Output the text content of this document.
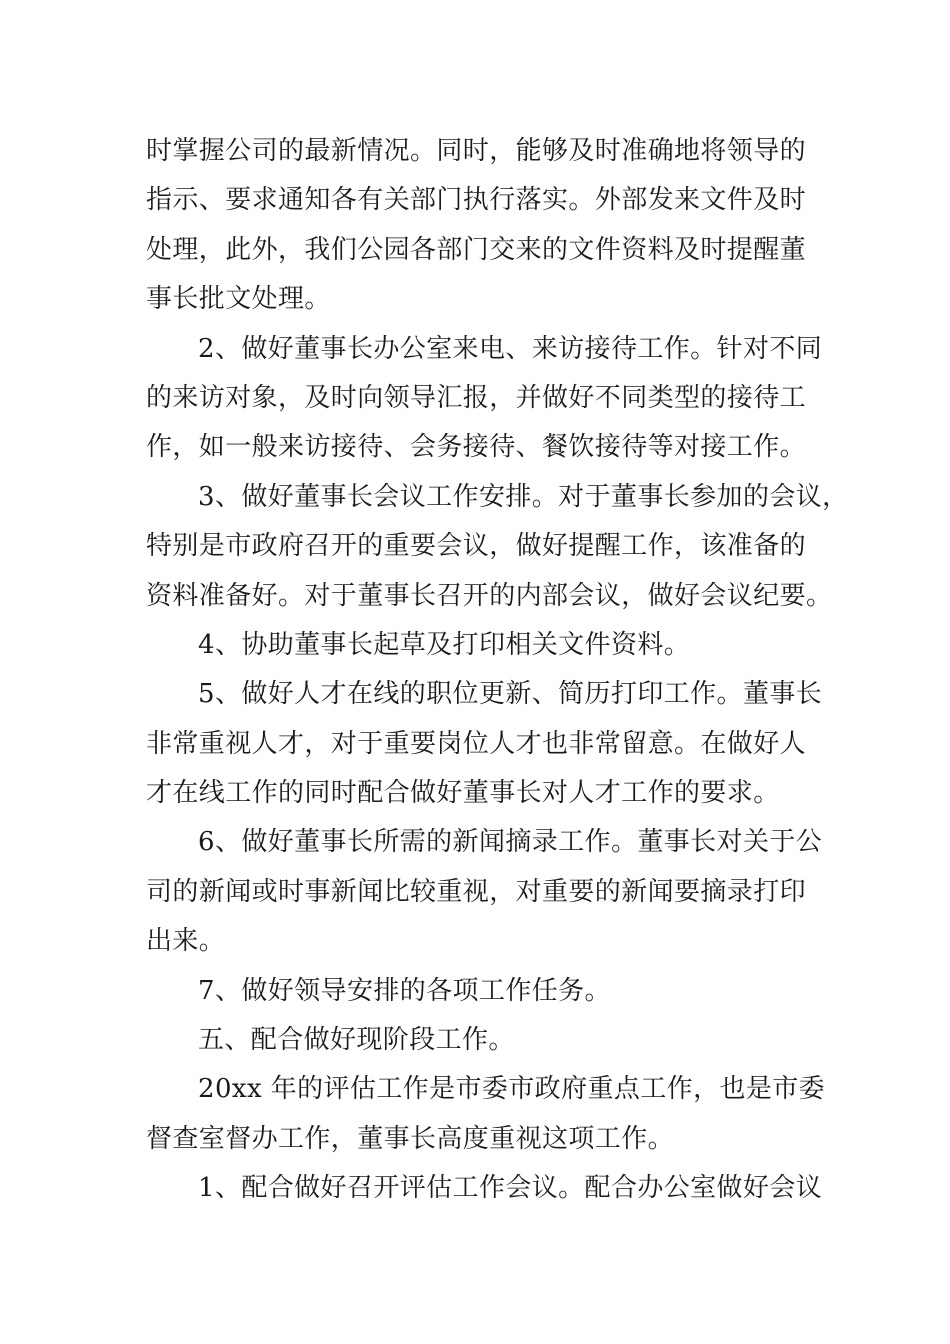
时掌握公司的最新情况。同时，能够及时准确地将领导的
指示、要求通知各有关部门执行落实。外部发来文件及时
处理，此外，我们公园各部门交来的文件资料及时提醒董
事长批文处理。
2、做好董事长办公室来电、来访接待工作。针对不同
的来访对象，及时向领导汇报，并做好不同类型的接待工
作，如一般来访接待、会务接待、餐饮接待等对接工作。
3、做好董事长会议工作安排。对于董事长参加的会议，
特别是市政府召开的重要会议，做好提醒工作，该准备的
资料准备好。对于董事长召开的内部会议，做好会议纪要。
4、协助董事长起草及打印相关文件资料。
5、做好人才在线的职位更新、简历打印工作。董事长
非常重视人才，对于重要岗位人才也非常留意。在做好人
才在线工作的同时配合做好董事长对人才工作的要求。
6、做好董事长所需的新闻摘录工作。董事长对关于公
司的新闻或时事新闻比较重视，对重要的新闻要摘录打印
出来。
7、做好领导安排的各项工作任务。
五、配合做好现阶段工作。
20xx 年的评估工作是市委市政府重点工作，也是市委
督查室督办工作，董事长高度重视这项工作。
1、配合做好召开评估工作会议。配合办公室做好会议
